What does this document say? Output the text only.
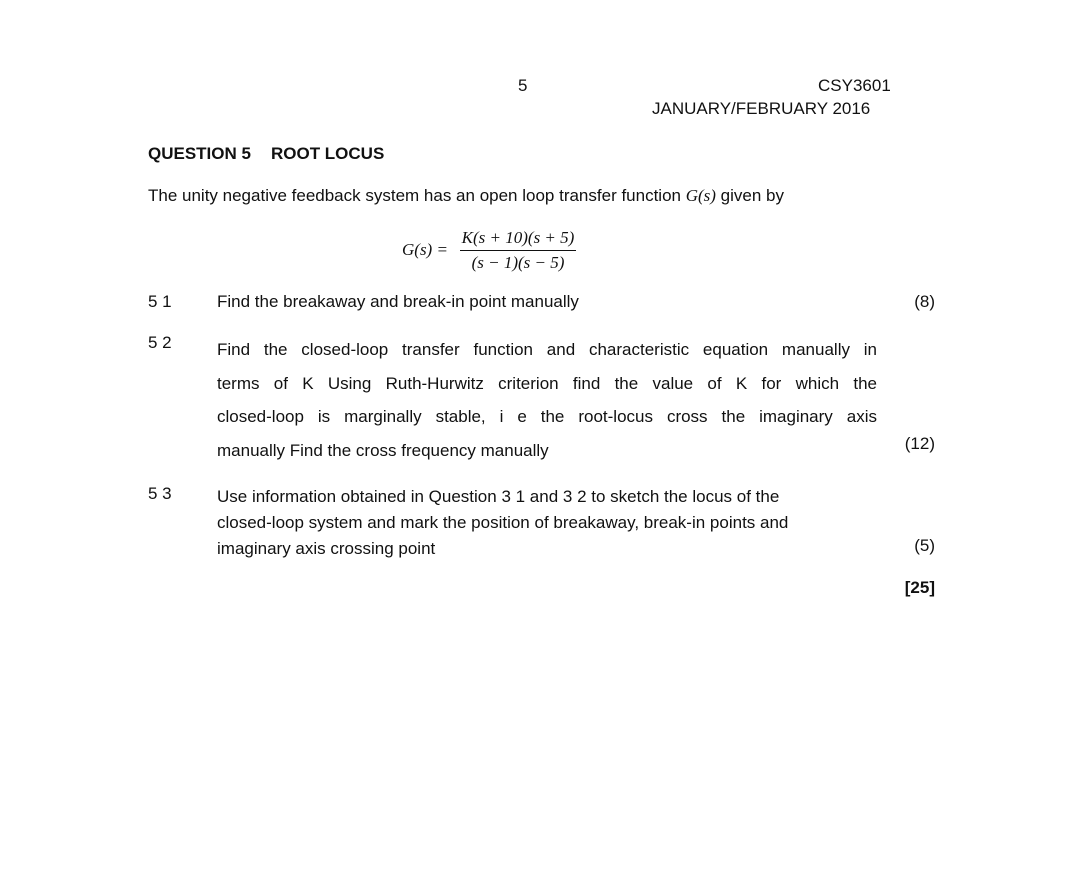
5	CSY3601
JANUARY/FEBRUARY 2016
QUESTION 5 ROOT LOCUS
The unity negative feedback system has an open loop transfer function G(s) given by
G(s) =
K(s + 10)(s + 5)
(s − 1)(s − 5)
5 1	Find the breakaway and break-in point manually	(8)
5 2	Find the closed-loop transfer function and characteristic equation manually in
terms of K Using Ruth-Hurwitz criterion find the value of K for which the
closed-loop is marginally stable, i e the root-locus cross the imaginary axis
manually Find the cross frequency manually	(12)
5 3	Use information obtained in Question 3 1 and 3 2 to sketch the locus of the
closed-loop system and mark the position of breakaway, break-in points and
imaginary axis crossing point	(5)
[25]
